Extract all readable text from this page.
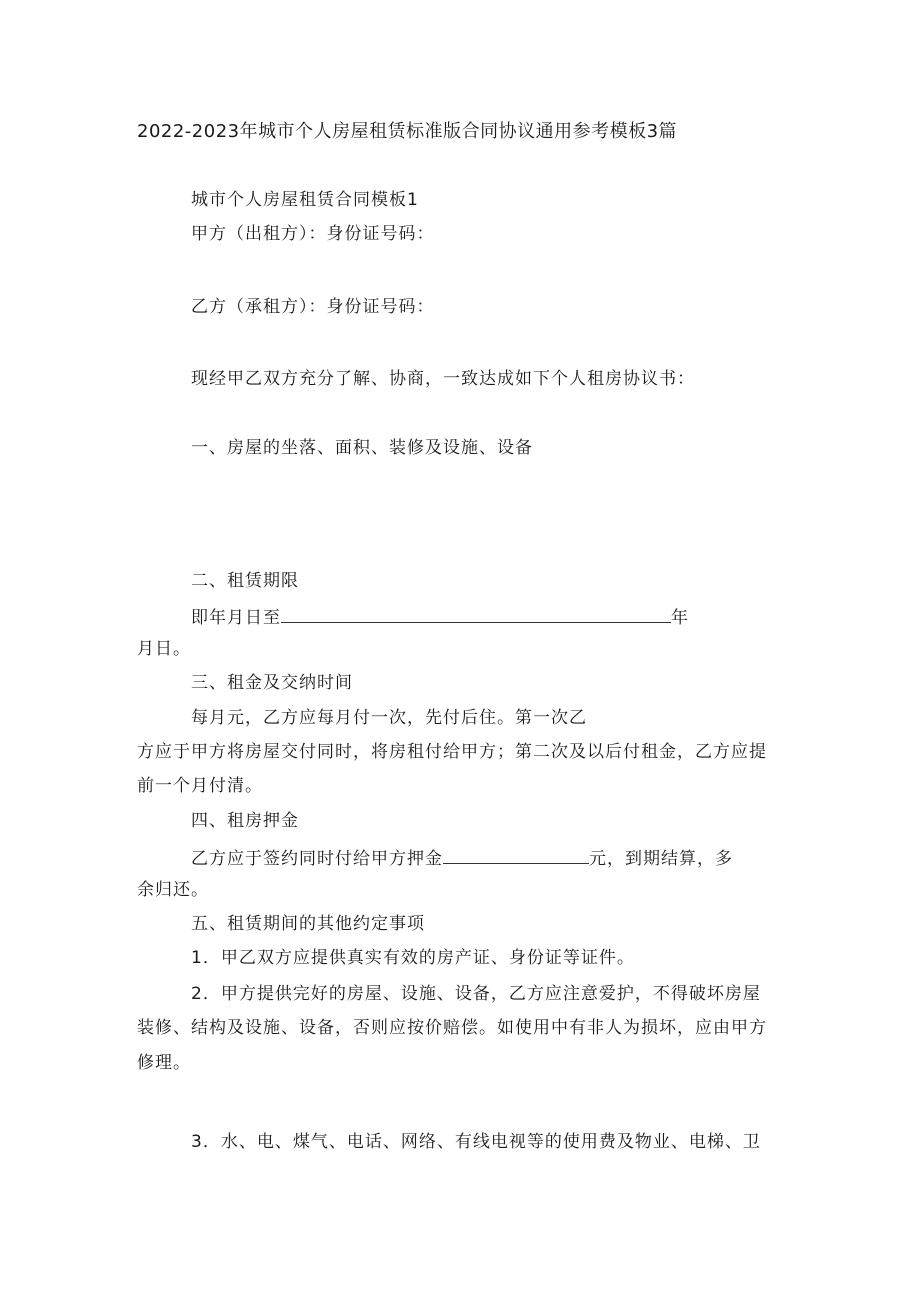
2022-2023年城市个人房屋租赁标准版合同协议通用参考模板3篇
城市个人房屋租赁合同模板1
甲方（出租方）：身份证号码：
乙方（承租方）：身份证号码：
现经甲乙双方充分了解、协商，一致达成如下个人租房协议书：
一、房屋的坐落、面积、装修及设施、设备
二、租赁期限
即年月日至	年
月日。
三、租金及交纳时间
每月元，乙方应每月付一次，先付后住。第一次乙
方应于甲方将房屋交付同时，将房租付给甲方；第二次及以后付租金，乙方应提
前一个月付清。
四、租房押金
乙方应于签约同时付给甲方押金	元，到期结算，多
余归还。
五、租赁期间的其他约定事项
1．甲乙双方应提供真实有效的房产证、身份证等证件。
2．甲方提供完好的房屋、设施、设备，乙方应注意爱护，不得破坏房屋
装修、结构及设施、设备，否则应按价赔偿。如使用中有非人为损坏，应由甲方
修理。
3．水、电、煤气、电话、网络、有线电视等的使用费及物业、电梯、卫
